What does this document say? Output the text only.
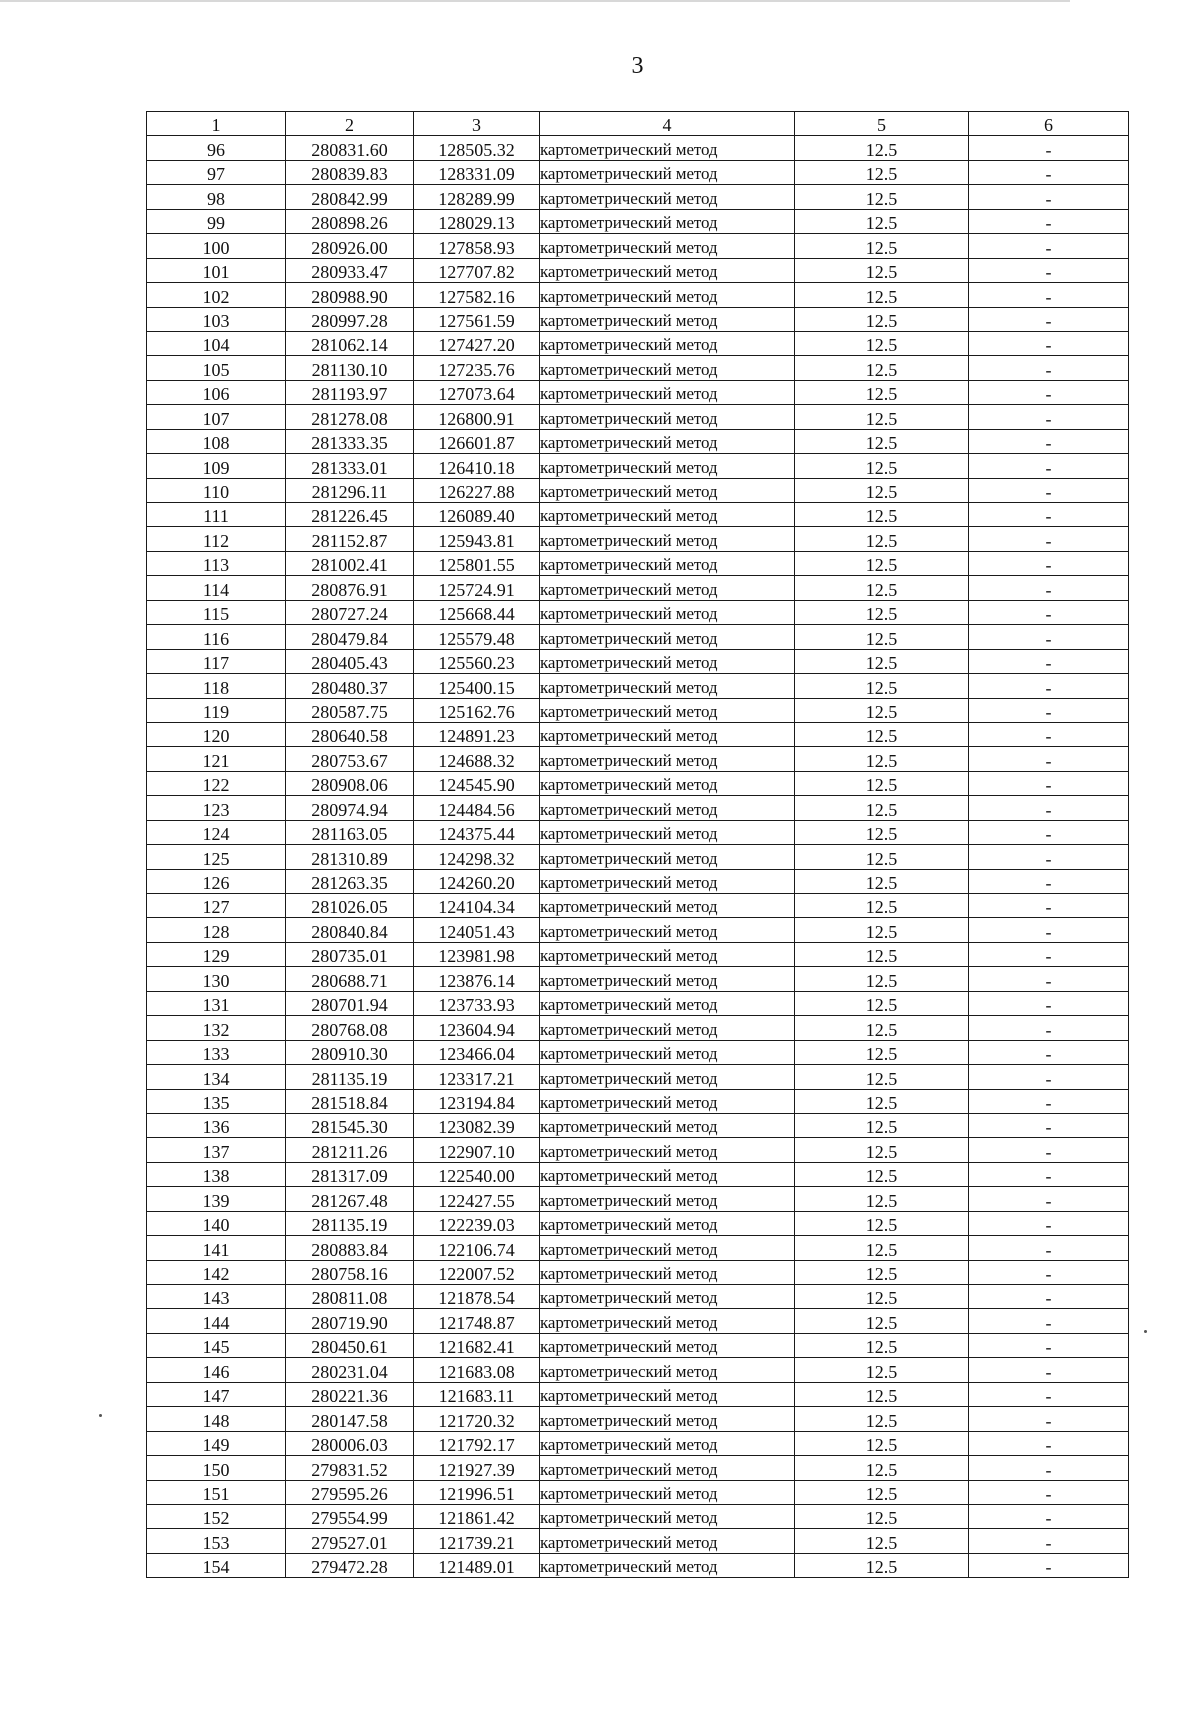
3
1	2	3	4	5	6
96	280831.60	128505.32	картометрический метод	12.5	-
97	280839.83	128331.09	картометрический метод	12.5	-
98	280842.99	128289.99	картометрический метод	12.5	-
99	280898.26	128029.13	картометрический метод	12.5	-
100	280926.00	127858.93	картометрический метод	12.5	-
101	280933.47	127707.82	картометрический метод	12.5	-
102	280988.90	127582.16	картометрический метод	12.5	-
103	280997.28	127561.59	картометрический метод	12.5	-
104	281062.14	127427.20	картометрический метод	12.5	-
105	281130.10	127235.76	картометрический метод	12.5	-
106	281193.97	127073.64	картометрический метод	12.5	-
107	281278.08	126800.91	картометрический метод	12.5	-
108	281333.35	126601.87	картометрический метод	12.5	-
109	281333.01	126410.18	картометрический метод	12.5	-
110	281296.11	126227.88	картометрический метод	12.5	-
111	281226.45	126089.40	картометрический метод	12.5	-
112	281152.87	125943.81	картометрический метод	12.5	-
113	281002.41	125801.55	картометрический метод	12.5	-
114	280876.91	125724.91	картометрический метод	12.5	-
115	280727.24	125668.44	картометрический метод	12.5	-
116	280479.84	125579.48	картометрический метод	12.5	-
117	280405.43	125560.23	картометрический метод	12.5	-
118	280480.37	125400.15	картометрический метод	12.5	-
119	280587.75	125162.76	картометрический метод	12.5	-
120	280640.58	124891.23	картометрический метод	12.5	-
121	280753.67	124688.32	картометрический метод	12.5	-
122	280908.06	124545.90	картометрический метод	12.5	-
123	280974.94	124484.56	картометрический метод	12.5	-
124	281163.05	124375.44	картометрический метод	12.5	-
125	281310.89	124298.32	картометрический метод	12.5	-
126	281263.35	124260.20	картометрический метод	12.5	-
127	281026.05	124104.34	картометрический метод	12.5	-
128	280840.84	124051.43	картометрический метод	12.5	-
129	280735.01	123981.98	картометрический метод	12.5	-
130	280688.71	123876.14	картометрический метод	12.5	-
131	280701.94	123733.93	картометрический метод	12.5	-
132	280768.08	123604.94	картометрический метод	12.5	-
133	280910.30	123466.04	картометрический метод	12.5	-
134	281135.19	123317.21	картометрический метод	12.5	-
135	281518.84	123194.84	картометрический метод	12.5	-
136	281545.30	123082.39	картометрический метод	12.5	-
137	281211.26	122907.10	картометрический метод	12.5	-
138	281317.09	122540.00	картометрический метод	12.5	-
139	281267.48	122427.55	картометрический метод	12.5	-
140	281135.19	122239.03	картометрический метод	12.5	-
141	280883.84	122106.74	картометрический метод	12.5	-
142	280758.16	122007.52	картометрический метод	12.5	-
143	280811.08	121878.54	картометрический метод	12.5	-
144	280719.90	121748.87	картометрический метод	12.5	-
145	280450.61	121682.41	картометрический метод	12.5	-
146	280231.04	121683.08	картометрический метод	12.5	-
147	280221.36	121683.11	картометрический метод	12.5	-
148	280147.58	121720.32	картометрический метод	12.5	-
149	280006.03	121792.17	картометрический метод	12.5	-
150	279831.52	121927.39	картометрический метод	12.5	-
151	279595.26	121996.51	картометрический метод	12.5	-
152	279554.99	121861.42	картометрический метод	12.5	-
153	279527.01	121739.21	картометрический метод	12.5	-
154	279472.28	121489.01	картометрический метод	12.5	-
